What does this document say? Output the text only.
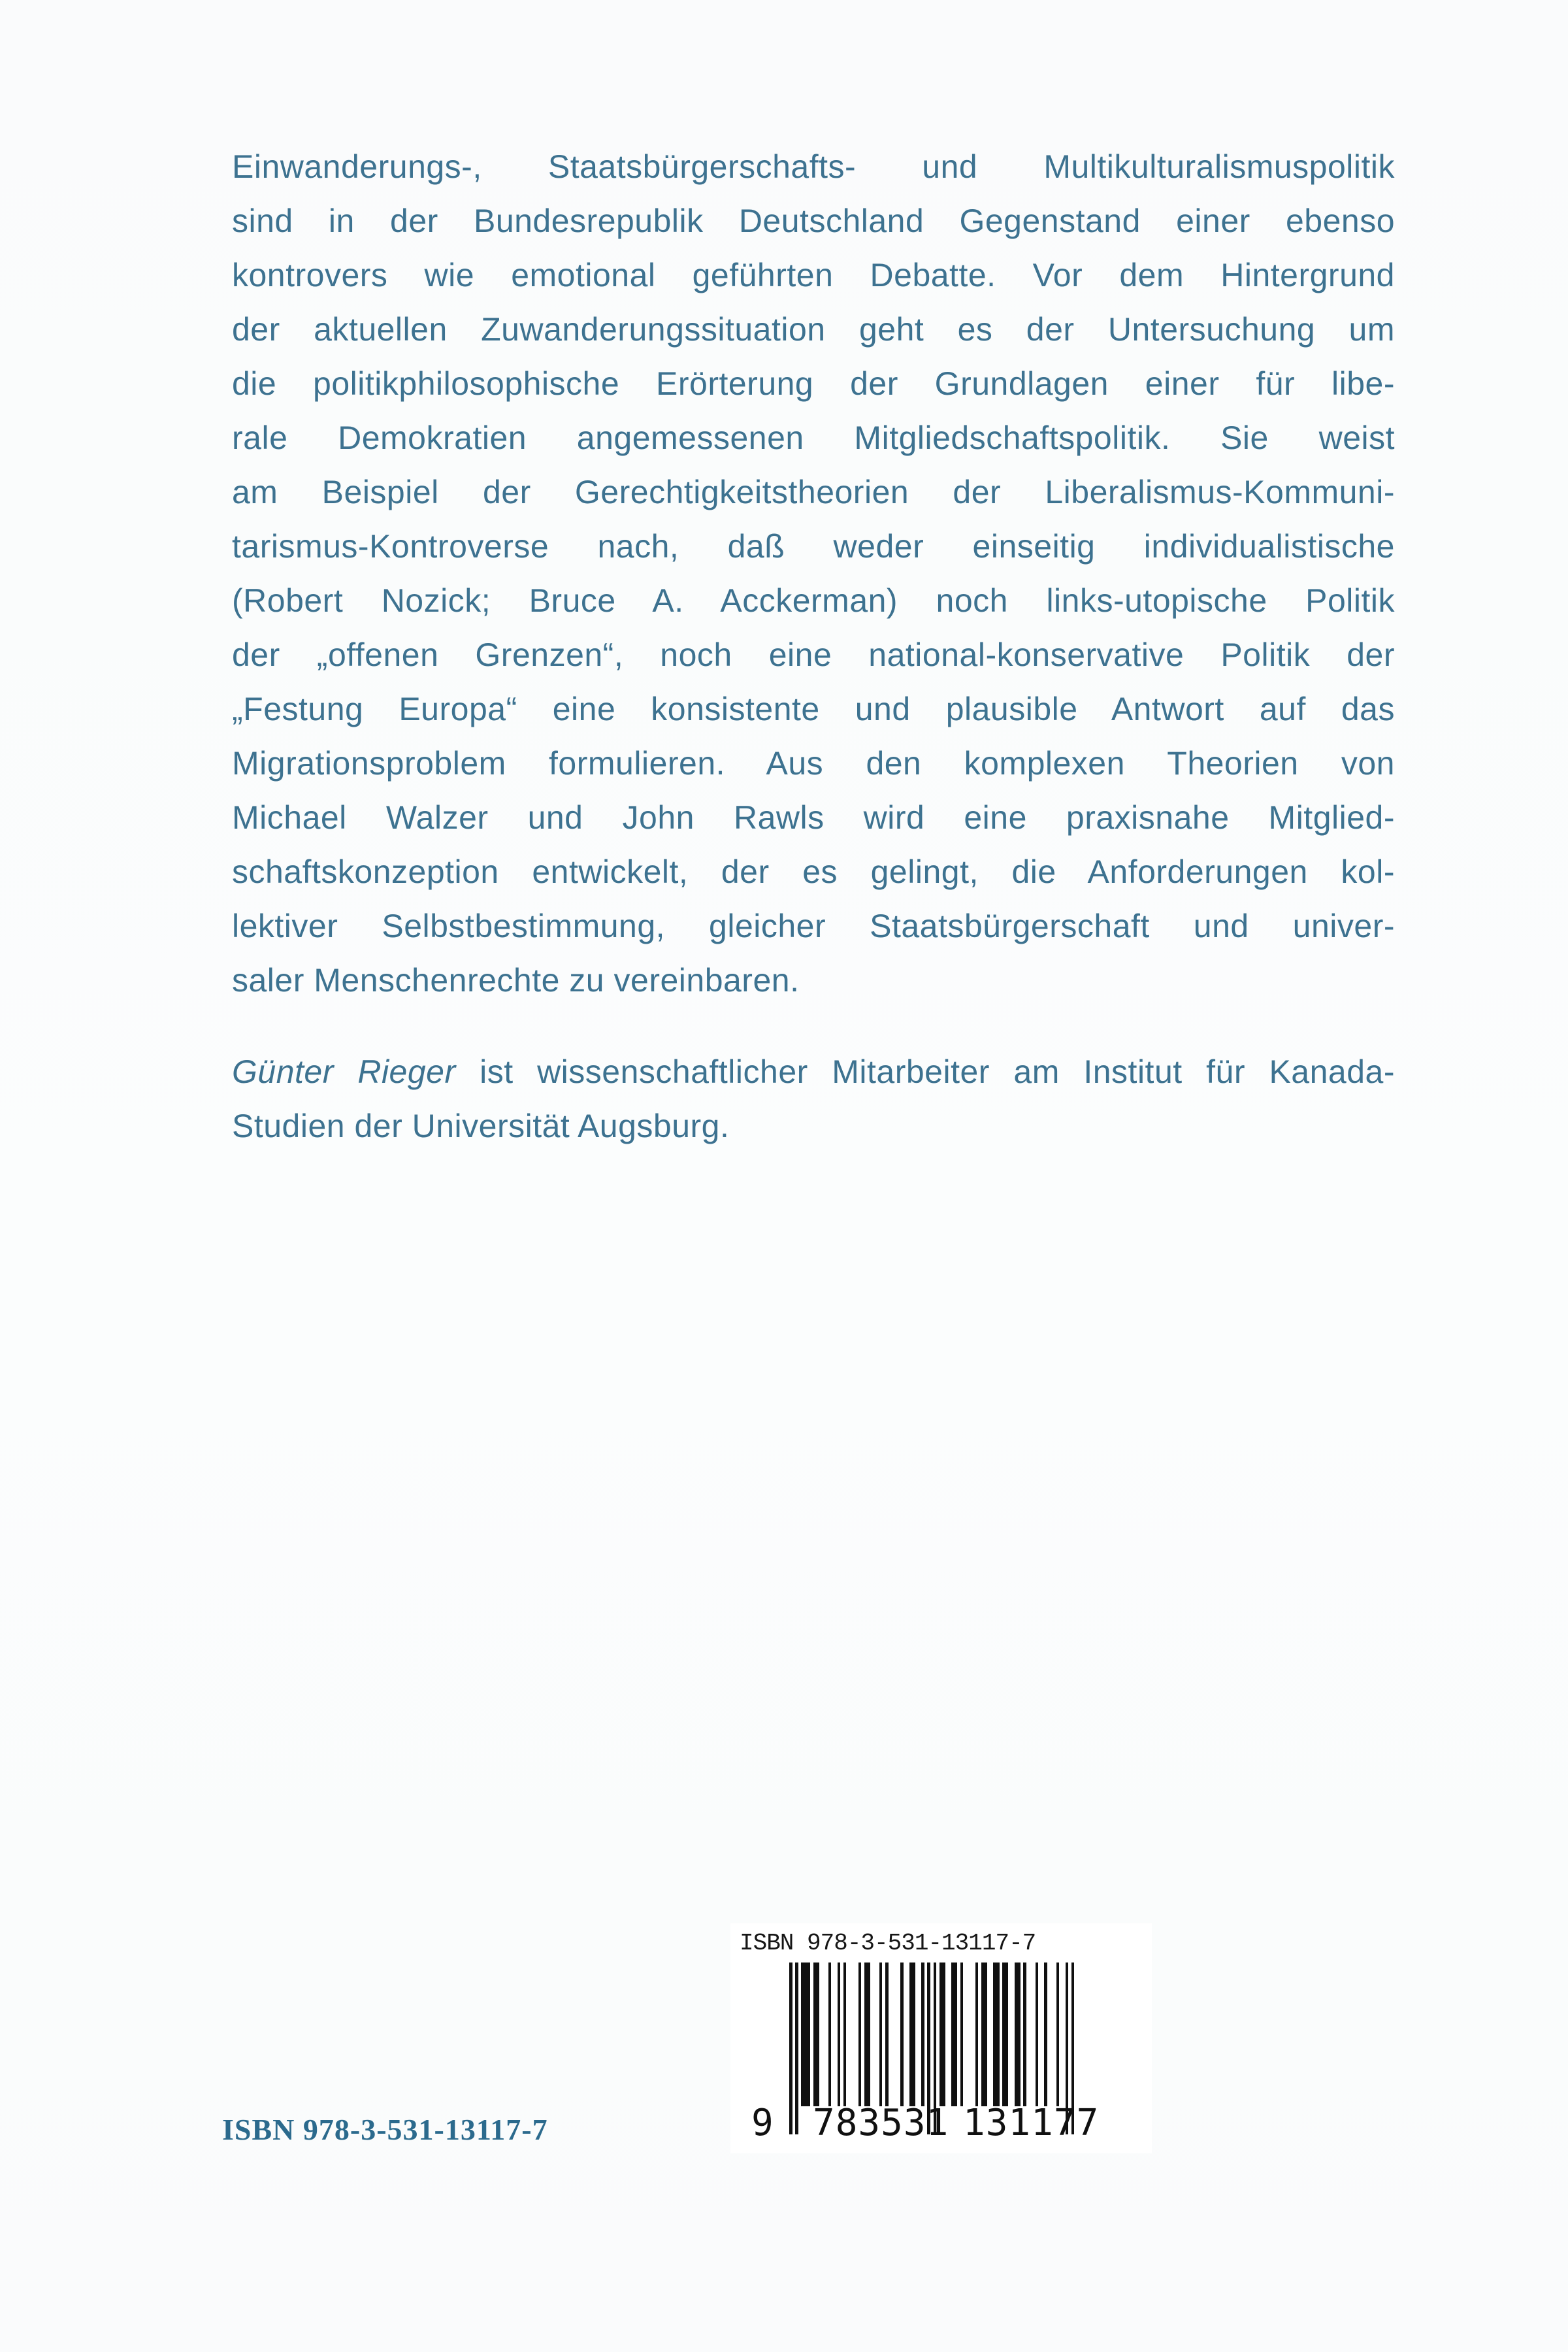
Einwanderungs-, Staatsbürgerschafts- und Multikulturalismuspolitik
sind in der Bundesrepublik Deutschland Gegenstand einer ebenso
kontrovers wie emotional geführten Debatte. Vor dem Hintergrund
der aktuellen Zuwanderungssituation geht es der Untersuchung um
die politikphilosophische Erörterung der Grundlagen einer für libe-
rale Demokratien angemessenen Mitgliedschaftspolitik. Sie weist
am Beispiel der Gerechtigkeitstheorien der Liberalismus-Kommuni-
tarismus-Kontroverse nach, daß weder einseitig individualistische
(Robert Nozick; Bruce A. Acckerman) noch links-utopische Politik
der „offenen Grenzen“, noch eine national-konservative Politik der
„Festung Europa“ eine konsistente und plausible Antwort auf das
Migrationsproblem formulieren. Aus den komplexen Theorien von
Michael Walzer und John Rawls wird eine praxisnahe Mitglied-
schaftskonzeption entwickelt, der es gelingt, die Anforderungen kol-
lektiver Selbstbestimmung, gleicher Staatsbürgerschaft und univer-
saler Menschenrechte zu vereinbaren.
Günter Rieger ist wissenschaftlicher Mitarbeiter am Institut für Kanada-
Studien der Universität Augsburg.
ISBN 978-3-531-13117-7
9 783531 131177
ISBN 978-3-531-13117-7
